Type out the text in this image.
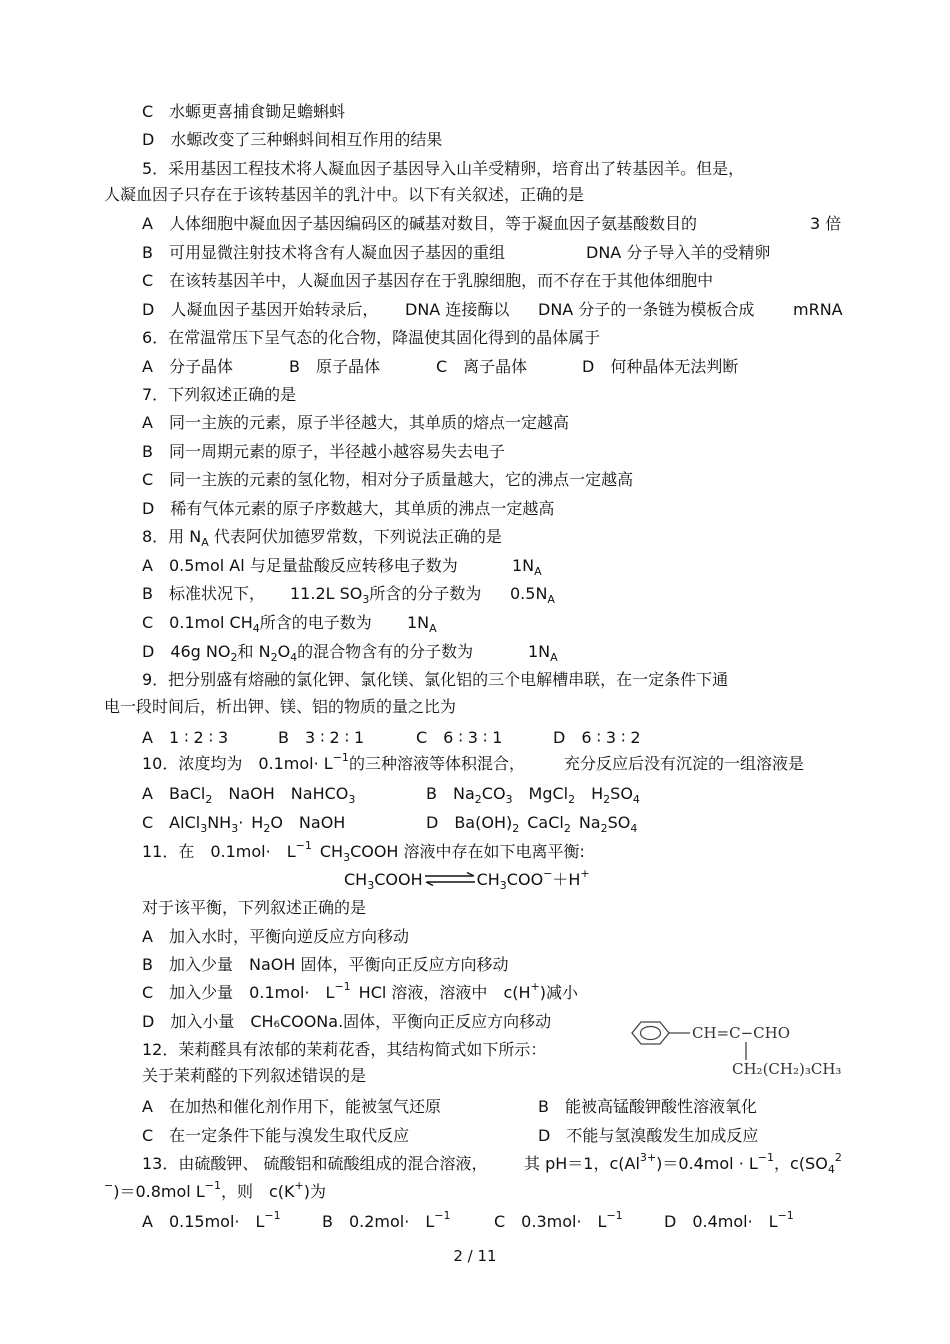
C　水螈更喜捕食锄足蟾蝌蚪
D　水螈改变了三种蝌蚪间相互作用的结果
5．采用基因工程技术将人凝血因子基因导入山羊受精卵，培育出了转基因羊。但是，
人凝血因子只存在于该转基因羊的乳汁中。以下有关叙述，正确的是
A　人体细胞中凝血因子基因编码区的碱基对数目，等于凝血因子氨基酸数目的	3 倍
B　可用显微注射技术将含有人凝血因子基因的重组	DNA 分子导入羊的受精卵
C　在该转基因羊中，人凝血因子基因存在于乳腺细胞，而不存在于其他体细胞中
D　人凝血因子基因开始转录后， DNA 连接酶以 DNA 分子的一条链为模板合成 mRNA
6．在常温常压下呈气态的化合物，降温使其固化得到的晶体属于
A　分子晶体	B　原子晶体	C　离子晶体	D　何种晶体无法判断
7．下列叙述正确的是
A　同一主族的元素，原子半径越大，其单质的熔点一定越高
B　同一周期元素的原子，半径越小越容易失去电子
C　同一主族的元素的氢化物，相对分子质量越大，它的沸点一定越高
D　稀有气体元素的原子序数越大，其单质的沸点一定越高
8．用 $N_A$ 代表阿伏加德罗常数，下列说法正确的是
A　0.5mol Al 与足量盐酸反应转移电子数为	$1N_A$
B　标准状况下， 11.2L $SO_3$所含的分子数为 $0.5N_A$
C　0.1mol $CH_4$所含的电子数为 $1N_A$
D　46g $NO_2$和 $N_2O_4$的混合物含有的分子数为	$1N_A$
9．把分别盛有熔融的氯化钾、氯化镁、氯化铝的三个电解槽串联，在一定条件下通
电一段时间后，析出钾、镁、铝的物质的量之比为
A　1 ∶ 2 ∶ 3	B　3 ∶ 2 ∶ 1	C　6 ∶ 3 ∶ 1	D　6 ∶ 3 ∶ 2
10．浓度均为　$0.1mol\cdot L^{-1}$的三种溶液等体积混合， 充分反应后没有沉淀的一组溶液是
A　BaCl$_2$　 NaOH　 NaHCO$_3$	B　$Na_2CO_3$　 MgCl$_2$　 $H_2SO_4$
C　$AlCl_3NH_3\cdot$  $H_2O$　 NaOH	D　$Ba(OH)_2$  CaCl$_2$  $Na_2SO_4$
11．在　0.1mol·　$L^{-1}$  $CH_3COOH$ 溶液中存在如下电离平衡:
$CH_3COOH\rightleftharpoons CH_3COO^-+H^+$
对于该平衡，下列叙述正确的是
A　加入水时，平衡向逆反应方向移动
B　加入少量　NaOH 固体，平衡向正反应方向移动
C　加入少量　0.1mol·　$L^{-1}$  HCl 溶液，溶液中　 c(H+)减小
D　加入小量　CH₆COONa.固体，平衡向正反应方向移动
12．茉莉醛具有浓郁的茉莉花香，其结构简式如下所示：
关于茉莉醛的下列叙述错误的是
CH=C−CHO
CH₂(CH₂)₃CH₃
A　在加热和催化剂作用下，能被氢气还原	B　能被高锰酸钾酸性溶液氧化
C　在一定条件下能与溴发生取代反应	D　不能与氢溴酸发生加成反应
13．由硫酸钾、 硫酸铝和硫酸组成的混合溶液， 其 pH＝1，$c(Al^{3+})=0.4mol \cdot L^{-1}$，$c(SO_4^2$
−)＝0.8mol $L^{-1}$，则　c(K+)为
A　0.15mol·　$L^{-1}$	B　0.2mol·　$L^{-1}$	C　0.3mol·　$L^{-1}$	D　0.4mol·　$L^{-1}$
2 / 11
